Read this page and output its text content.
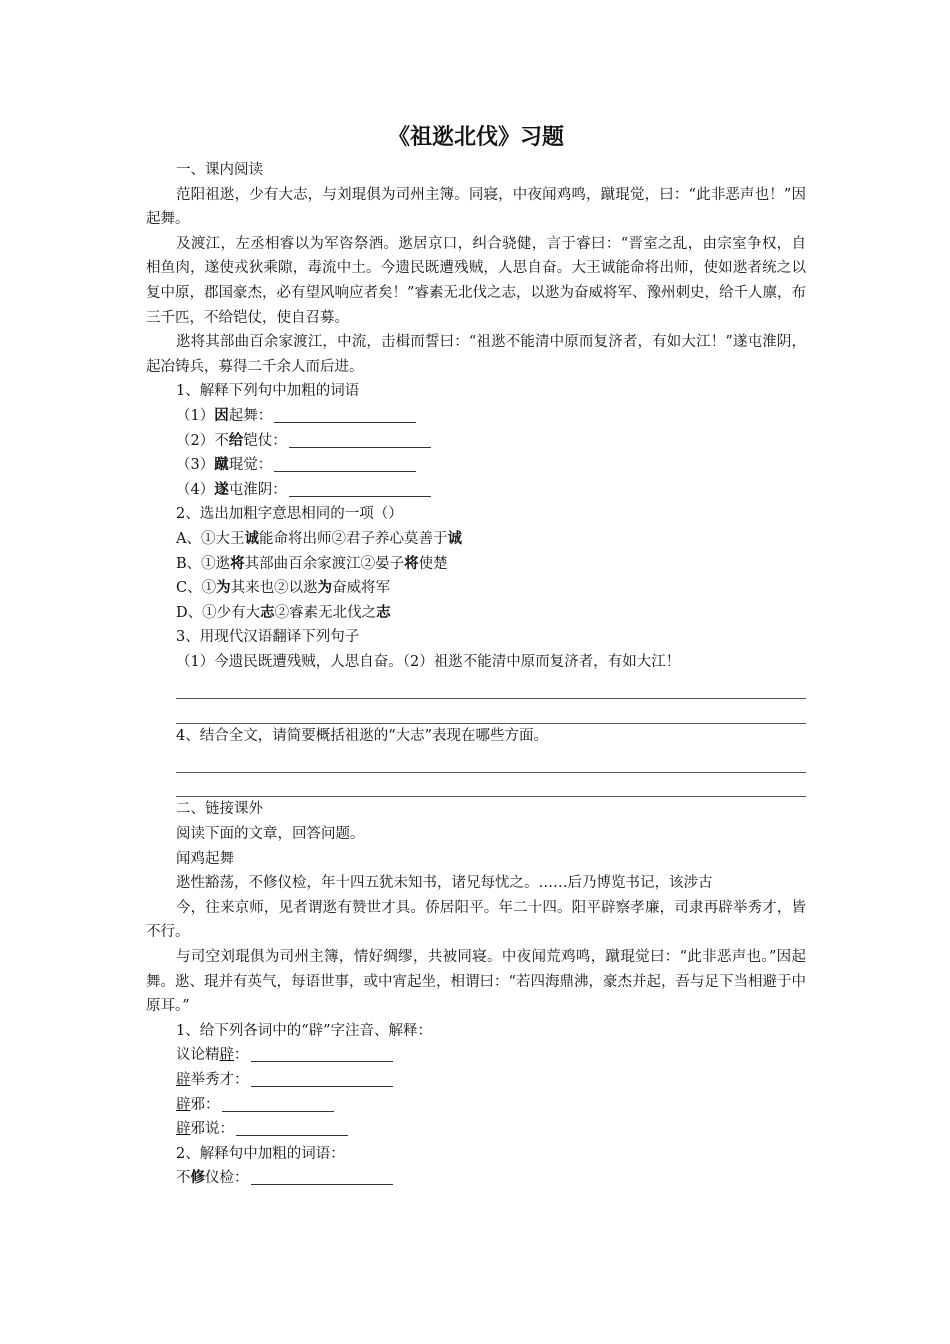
《祖逖北伐》习题
一、课内阅读

范阳祖逖，少有大志，与刘琨俱为司州主簿。同寝，中夜闻鸡鸣，蹴琨觉，曰：“此非恶声也！”因起舞。

及渡江，左丞相睿以为军咨祭酒。逖居京口，纠合骁健，言于睿曰：“晋室之乱，由宗室争权，自相鱼肉，遂使戎狄乘隙，毒流中土。今遗民既遭残贼，人思自奋。大王诚能命将出师，使如逖者统之以复中原，郡国豪杰，必有望风响应者矣！”睿素无北伐之志，以逖为奋威将军、豫州刺史，给千人廪，布三千匹，不给铠仗，使自召募。

逖将其部曲百余家渡江，中流，击楫而誓曰：“祖逖不能清中原而复济者，有如大江！”遂屯淮阴，起冶铸兵，募得二千余人而后进。

1、解释下列句中加粗的词语
（1）因起舞：
（2）不给铠仗：
（3）蹴琨觉：
（4）遂屯淮阴：
2、选出加粗字意思相同的一项（）
A、①大王诚能命将出师②君子养心莫善于诚
B、①逖将其部曲百余家渡江②晏子将使楚
C、①为其来也②以逖为奋威将军
D、①少有大志②睿素无北伐之志
3、用现代汉语翻译下列句子
（1）今遗民既遭残贼，人思自奋。（2）祖逖不能清中原而复济者，有如大江！
4、结合全文，请简要概括祖逖的“大志”表现在哪些方面。
二、链接课外
阅读下面的文章，回答问题。
闻鸡起舞
逖性豁荡，不修仪检，年十四五犹未知书，诸兄每忧之。……后乃博览书记，该涉古

今，往来京师，见者谓逖有赞世才具。侨居阳平。年二十四。阳平辟察孝廉，司隶再辟举秀才，皆不行。

与司空刘琨俱为司州主簿，情好绸缪，共被同寝。中夜闻荒鸡鸣，蹴琨觉曰：“此非恶声也。”因起舞。逖、琨并有英气，每语世事，或中宵起坐，相谓曰：“若四海鼎沸，豪杰并起，吾与足下当相避于中原耳。”

1、给下列各词中的“辟”字注音、解释：
议论精辟：
辟举秀才：
辟邪：
辟邪说：
2、解释句中加粗的词语：
不修仪检：
